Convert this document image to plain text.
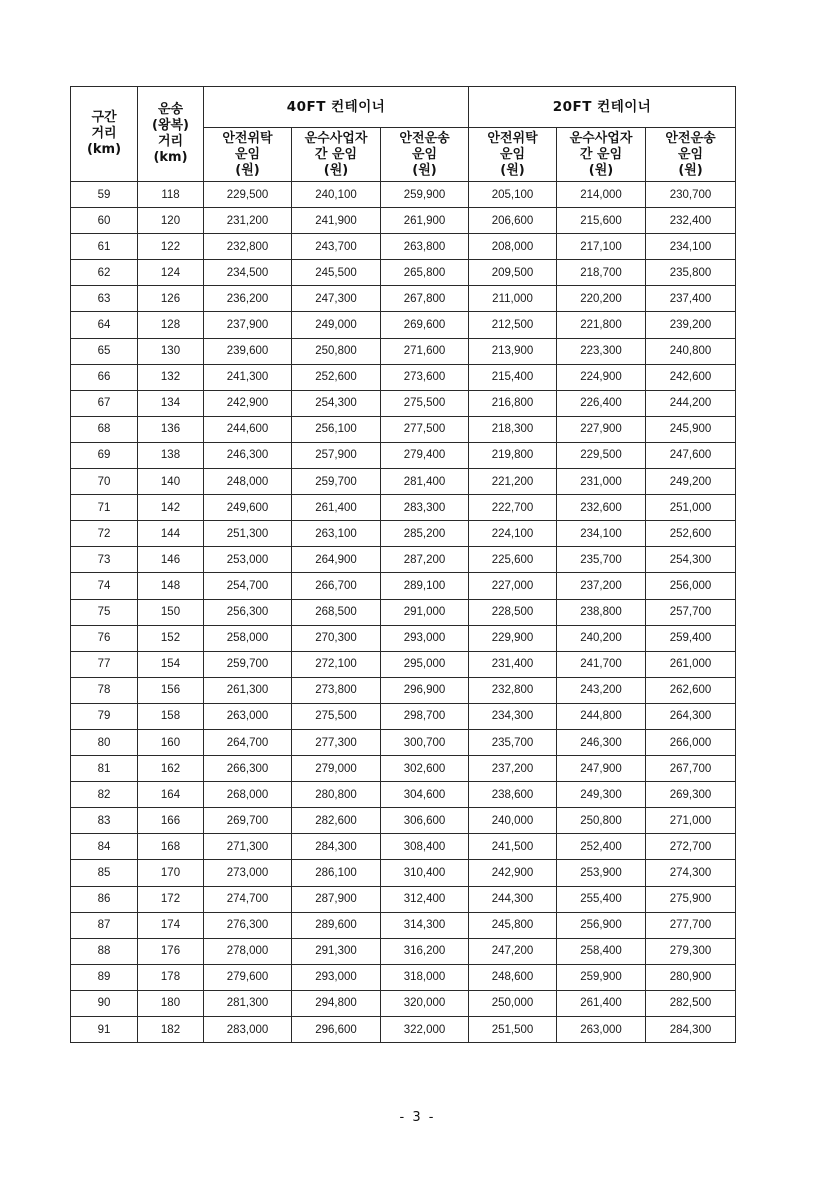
구간
거리
(km)	운송
(왕복)
거리
(km)	40FT 컨테이너			20FT 컨테이너		

		안전위탁
운임
(원)	운수사업자
간 운임
(원)	안전운송
운임
(원)	안전위탁
운임
(원)	운수사업자
간 운임
(원)	안전운송
운임
(원)

59	118	229,500	240,100	259,900	205,100	214,000	230,700
60	120	231,200	241,900	261,900	206,600	215,600	232,400
61	122	232,800	243,700	263,800	208,000	217,100	234,100
62	124	234,500	245,500	265,800	209,500	218,700	235,800
63	126	236,200	247,300	267,800	211,000	220,200	237,400
64	128	237,900	249,000	269,600	212,500	221,800	239,200
65	130	239,600	250,800	271,600	213,900	223,300	240,800
66	132	241,300	252,600	273,600	215,400	224,900	242,600
67	134	242,900	254,300	275,500	216,800	226,400	244,200
68	136	244,600	256,100	277,500	218,300	227,900	245,900
69	138	246,300	257,900	279,400	219,800	229,500	247,600
70	140	248,000	259,700	281,400	221,200	231,000	249,200
71	142	249,600	261,400	283,300	222,700	232,600	251,000
72	144	251,300	263,100	285,200	224,100	234,100	252,600
73	146	253,000	264,900	287,200	225,600	235,700	254,300
74	148	254,700	266,700	289,100	227,000	237,200	256,000
75	150	256,300	268,500	291,000	228,500	238,800	257,700
76	152	258,000	270,300	293,000	229,900	240,200	259,400
77	154	259,700	272,100	295,000	231,400	241,700	261,000
78	156	261,300	273,800	296,900	232,800	243,200	262,600
79	158	263,000	275,500	298,700	234,300	244,800	264,300
80	160	264,700	277,300	300,700	235,700	246,300	266,000
81	162	266,300	279,000	302,600	237,200	247,900	267,700
82	164	268,000	280,800	304,600	238,600	249,300	269,300
83	166	269,700	282,600	306,600	240,000	250,800	271,000
84	168	271,300	284,300	308,400	241,500	252,400	272,700
85	170	273,000	286,100	310,400	242,900	253,900	274,300
86	172	274,700	287,900	312,400	244,300	255,400	275,900
87	174	276,300	289,600	314,300	245,800	256,900	277,700
88	176	278,000	291,300	316,200	247,200	258,400	279,300
89	178	279,600	293,000	318,000	248,600	259,900	280,900
90	180	281,300	294,800	320,000	250,000	261,400	282,500
91	182	283,000	296,600	322,000	251,500	263,000	284,300
- 3 -
